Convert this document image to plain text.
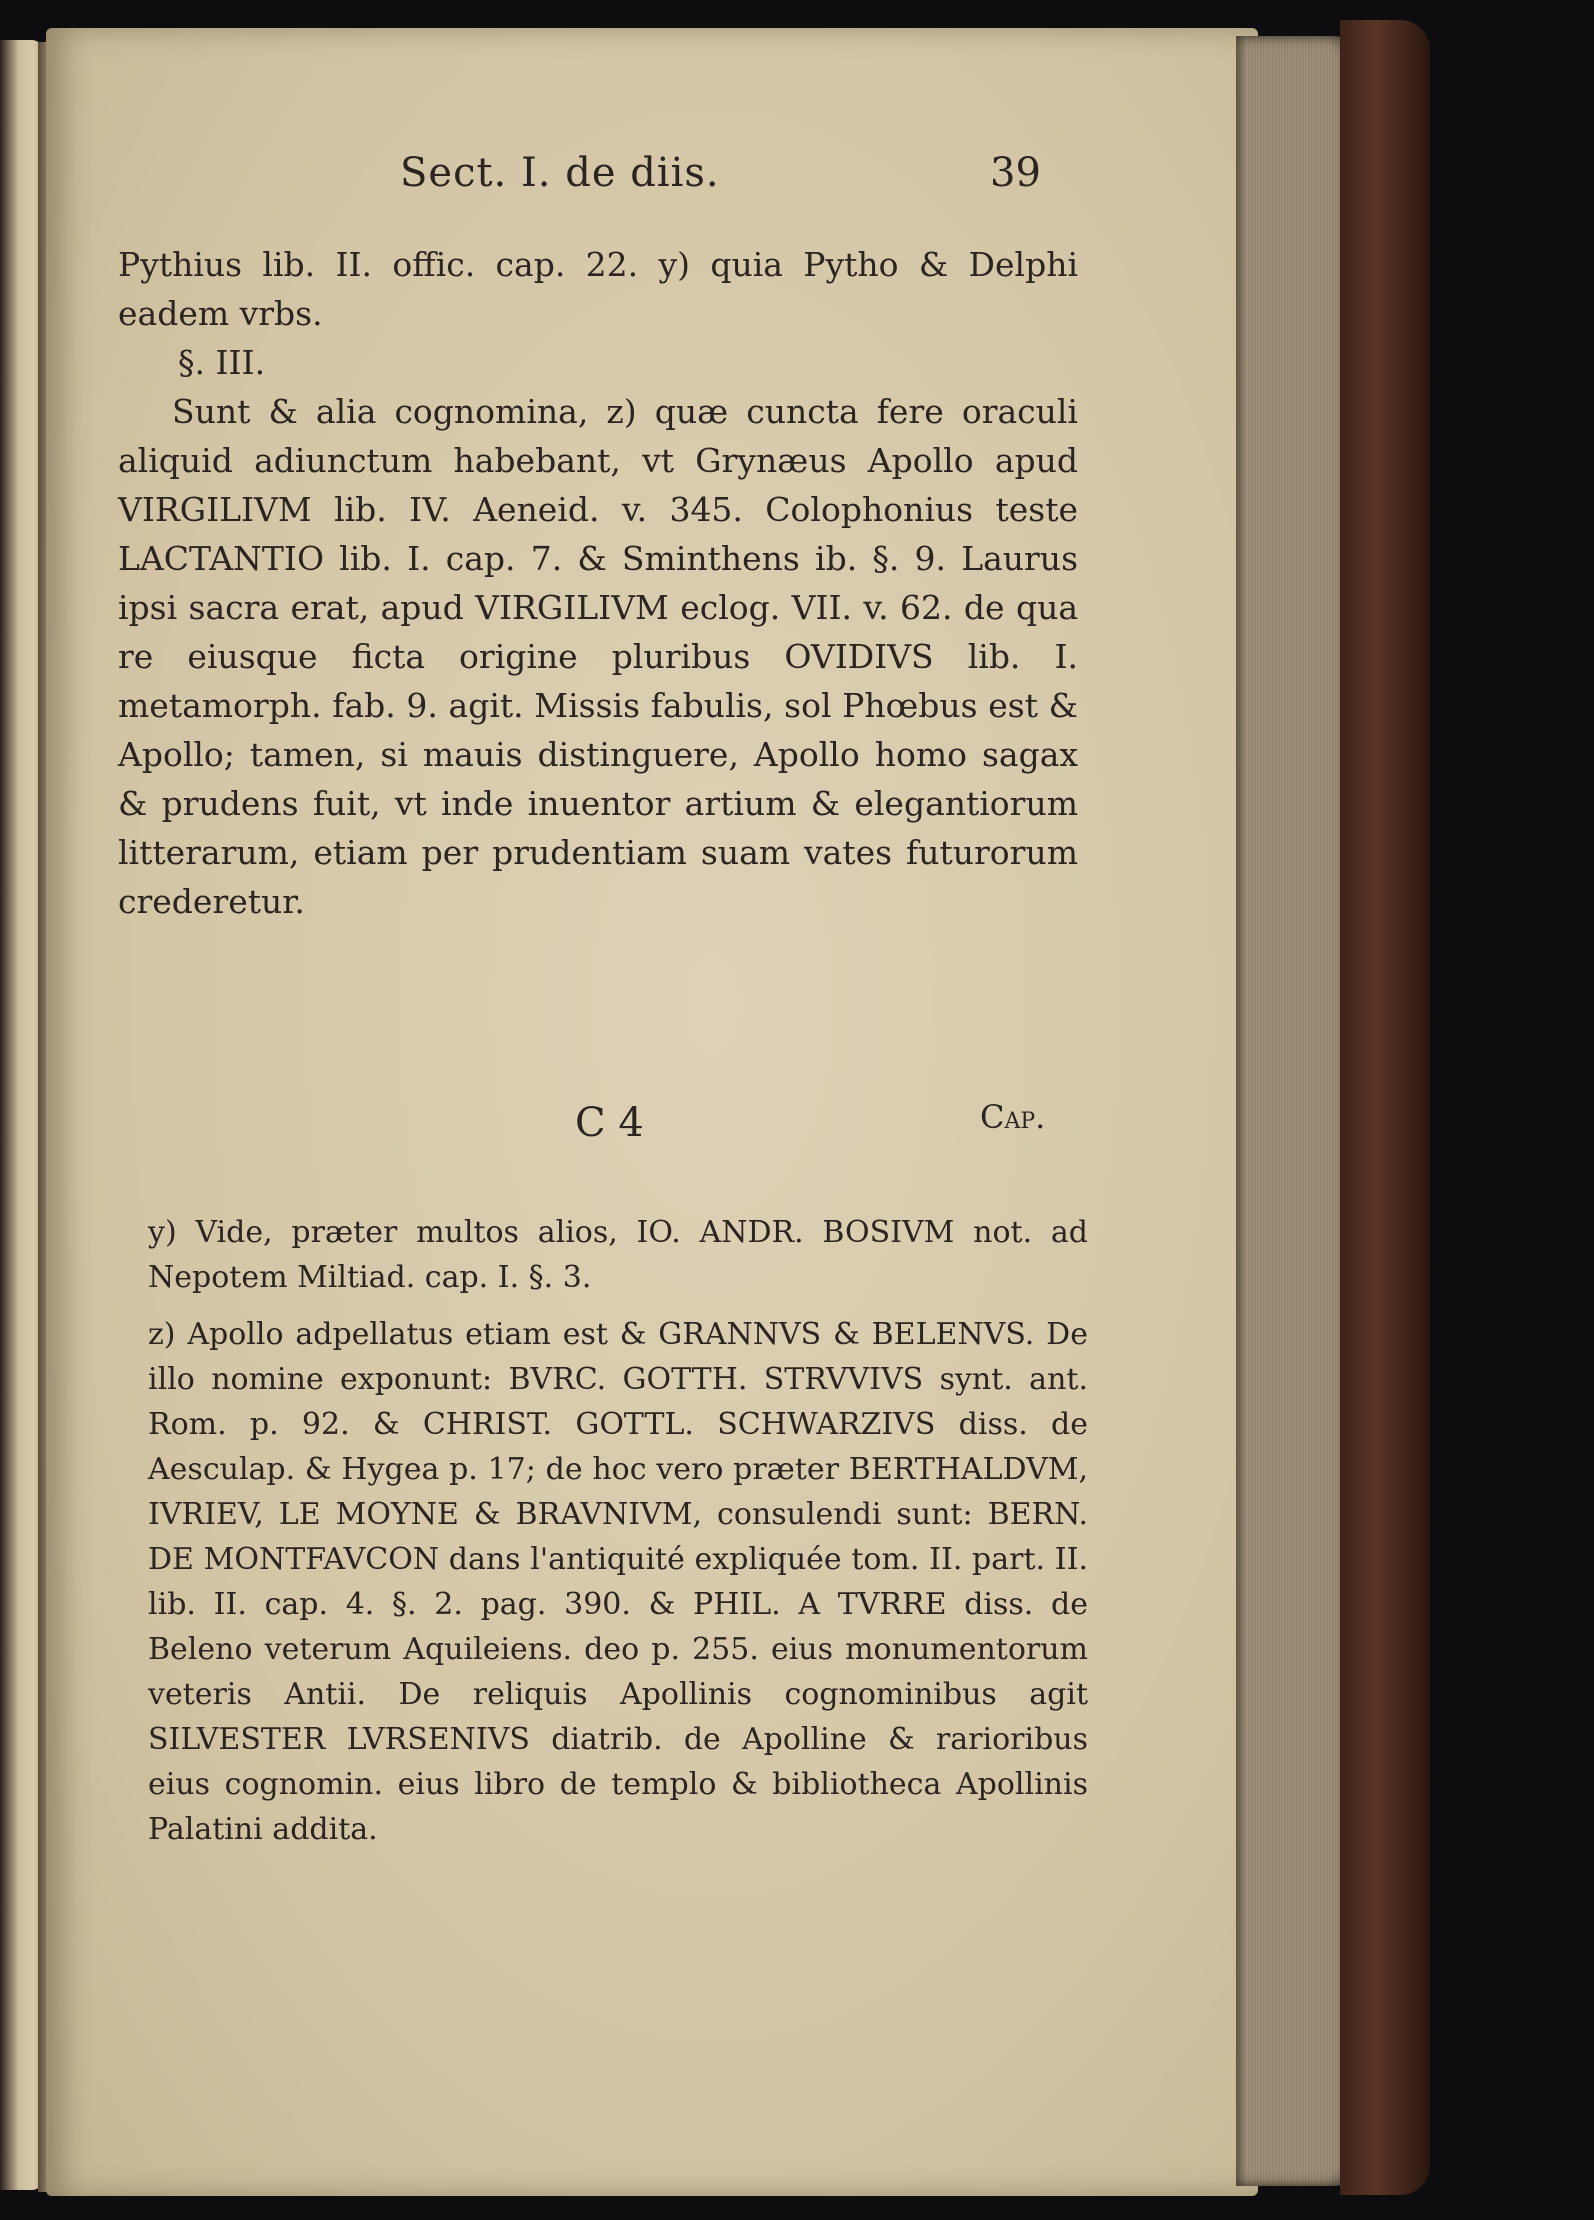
Sect. I. de diis.	39

Pythius lib. II. offic. cap. 22. y) quia Pytho & Delphi eadem vrbs.

§. III.

Sunt & alia cognomina, z) quæ cuncta fere oraculi aliquid adiunctum habebant, vt Grynæus Apollo apud VIRGILIVM lib. IV. Aeneid. v. 345. Colophonius teste LACTANTIO lib. I. cap. 7. & Sminthens ib. §. 9. Laurus ipsi sacra erat, apud VIRGILIVM eclog. VII. v. 62. de qua re eiusque ficta origine pluribus OVIDIVS lib. I. metamorph. fab. 9. agit. Missis fabulis, sol Phœbus est & Apollo; tamen, si mauis distinguere, Apollo homo sagax & prudens fuit, vt inde inuentor artium & elegantiorum litterarum, etiam per prudentiam suam vates futurorum crederetur.

C 4	Cap.

y) Vide, præter multos alios, IO. ANDR. BOSIVM not. ad Nepotem Miltiad. cap. I. §. 3.

z) Apollo adpellatus etiam est & GRANNVS & BELENVS. De illo nomine exponunt: BVRC. GOTTH. STRVVIVS synt. ant. Rom. p. 92. & CHRIST. GOTTL. SCHWARZIVS diss. de Aesculap. & Hygea p. 17; de hoc vero præter BERTHALDVM, IVRIEV, LE MOYNE & BRAVNIVM, consulendi sunt: BERN. DE MONTFAVCON dans l'antiquité expliquée tom. II. part. II. lib. II. cap. 4. §. 2. pag. 390. & PHIL. A TVRRE diss. de Beleno veterum Aquileiens. deo p. 255. eius monumentorum veteris Antii. De reliquis Apollinis cognominibus agit SILVESTER LVRSENIVS diatrib. de Apolline & rarioribus eius cognomin. eius libro de templo & bibliotheca Apollinis Palatini addita.
